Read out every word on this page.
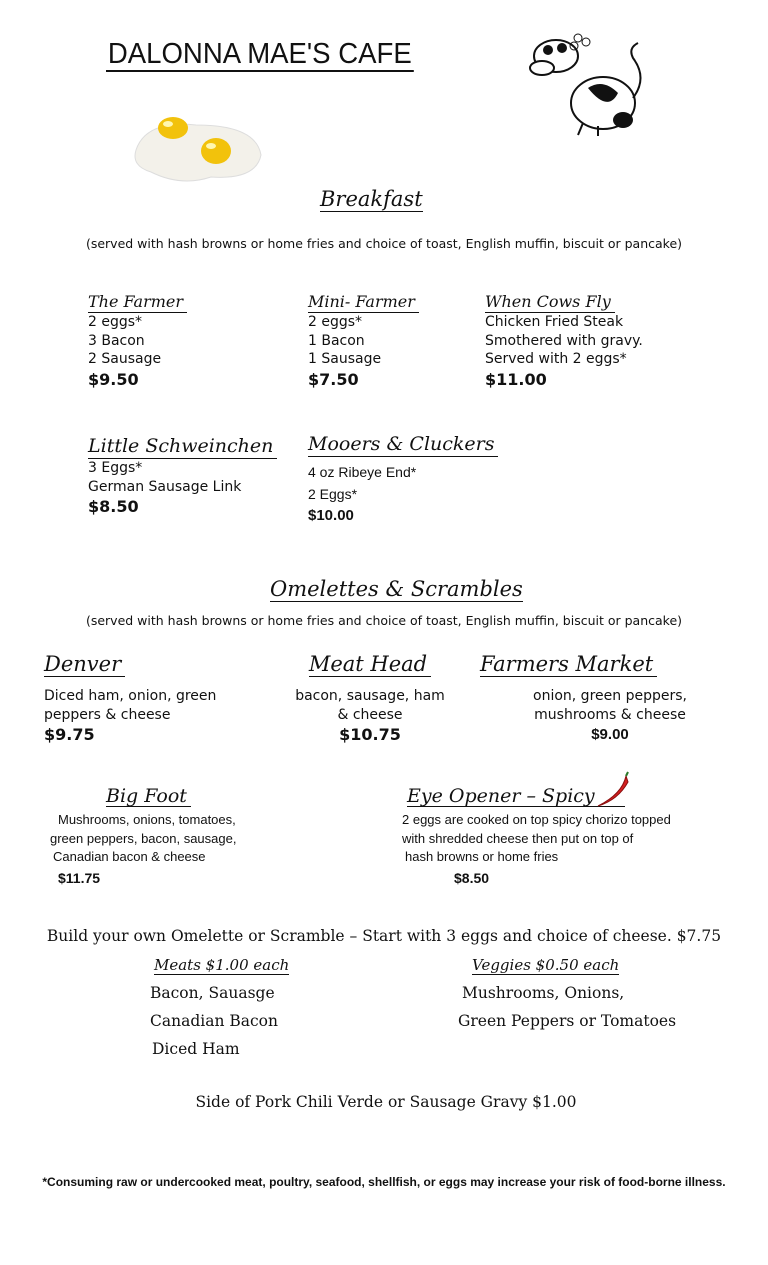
DALONNA MAE'S CAFE
Breakfast
(served with hash browns or home fries and choice of toast, English muffin, biscuit or pancake)
The Farmer
2 eggs*
3 Bacon
2 Sausage
$9.50
Mini- Farmer
2 eggs*
1 Bacon
1 Sausage
$7.50
When Cows Fly
Chicken Fried Steak
Smothered with gravy.
Served with 2 eggs*
$11.00
Little Schweinchen
3 Eggs*
German Sausage Link
$8.50
Mooers & Cluckers
4 oz Ribeye End*
2 Eggs*
$10.00
Omelettes & Scrambles
(served with hash browns or home fries and choice of toast, English muffin, biscuit or pancake)
Denver
Diced ham, onion, green
peppers & cheese
$9.75
Meat Head
bacon, sausage, ham
& cheese
$10.75
Farmers Market
onion, green peppers,
mushrooms & cheese
$9.00
Big Foot
Mushrooms, onions, tomatoes,
green peppers, bacon, sausage,
Canadian bacon & cheese
$11.75
Eye Opener – Spicy
2 eggs are cooked on top spicy chorizo topped
with shredded cheese then put on top of
hash browns or home fries
$8.50
Build your own Omelette or Scramble – Start with 3 eggs and choice of cheese. $7.75
Meats $1.00 each
Bacon, Sauasge
Canadian Bacon
Diced Ham
Veggies $0.50 each
Mushrooms, Onions,
Green Peppers or Tomatoes
Side of Pork Chili Verde or Sausage Gravy $1.00
*Consuming raw or undercooked meat, poultry, seafood, shellfish, or eggs may increase your risk of food-borne illness.
